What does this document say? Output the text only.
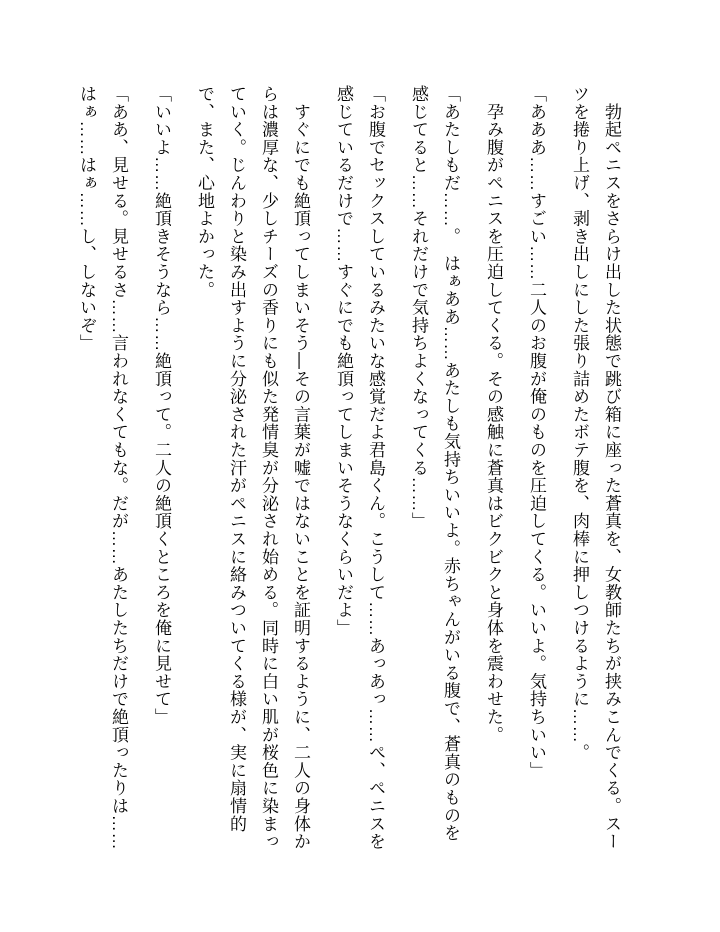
　勃起ペニスをさらけ出した状態で跳び箱に座った蒼真を、女教師たちが挟みこんでくる。スーツを捲り上げ、剥き出しにした張り詰めたボテ腹を、肉棒に押しつけるように……。

「あああ……すごい……二人のお腹が俺のものを圧迫してくる。いいよ。気持ちいい」

　孕み腹がペニスを圧迫してくる。その感触に蒼真はビクビクと身体を震わせた。

「あたしもだ……。　はぁああ……あたしも気持ちいいよ。赤ちゃんがいる腹で、蒼真のものを感じてると……それだけで気持ちよくなってくる……」

「お腹でセックスしているみたいな感覚だよ君島くん。こうして……あっあっ……ぺ、ペニスを感じているだけで……すぐにでも絶頂ってしまいそうなくらいだよ」

　すぐにでも絶頂ってしまいそう―その言葉が嘘ではないことを証明するように、二人の身体からは濃厚な、少しチーズの香りにも似た発情臭が分泌され始める。同時に白い肌が桜色に染まっていく。じんわりと染み出すように分泌された汗がペニスに絡みついてくる様が、実に扇情的で、また、心地よかった。

「いいよ……絶頂きそうなら……絶頂って。二人の絶頂くところを俺に見せて」

「ああ、見せる。見せるさ……言われなくてもな。だが……あたしたちだけで絶頂ったりは……はぁ……はぁ……し、しないぞ」
